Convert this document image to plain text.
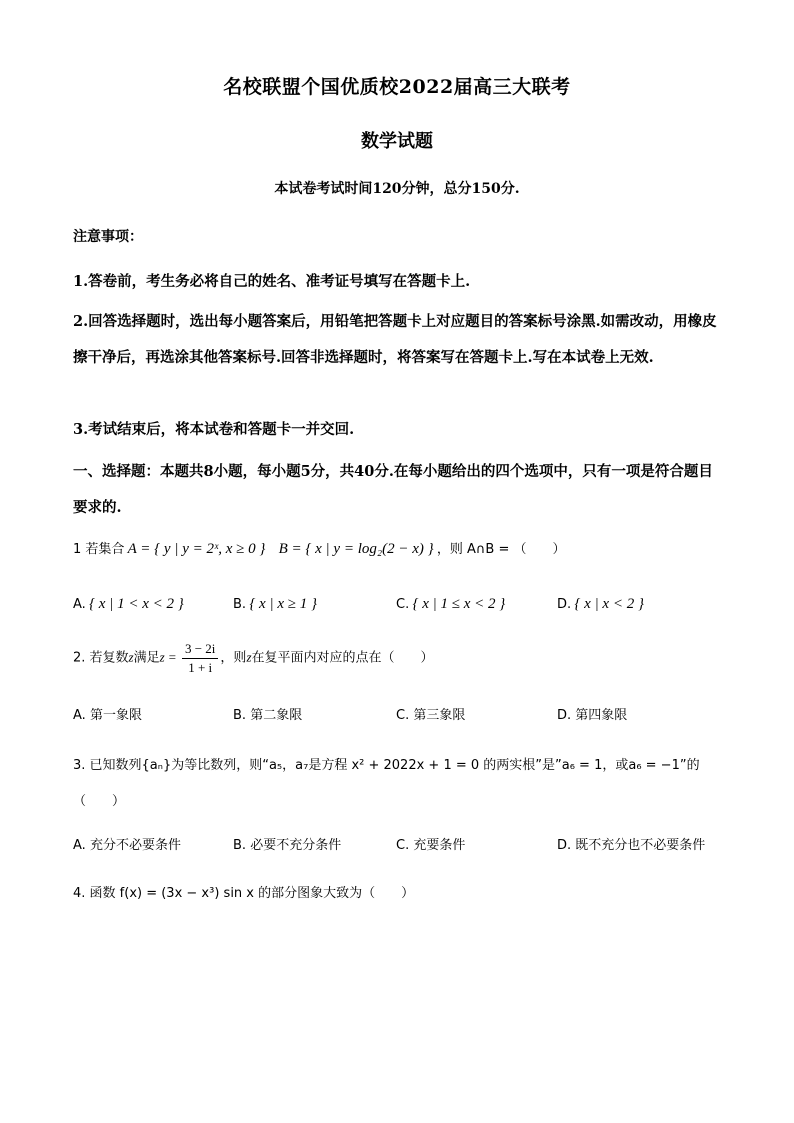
名校联盟个国优质校2022届高三大联考
数学试题
本试卷考试时间120分钟，总分150分.
注意事项：
1.答卷前，考生务必将自己的姓名、准考证号填写在答题卡上.
2.回答选择题时，选出每小题答案后，用铅笔把答题卡上对应题目的答案标号涂黑.如需改动，用橡皮擦干净后，再选涂其他答案标号.回答非选择题时，将答案写在答题卡上.写在本试卷上无效.
3.考试结束后，将本试卷和答题卡一并交回.
一、选择题：本题共8小题，每小题5分，共40分.在每小题给出的四个选项中，只有一项是符合题目要求的.
1 若集合 A = { y | y = 2ˣ, x ≥ 0 } B = { x | y = log₂(2 − x) } ，则 A∩B = （　　）
A. { x | 1 < x < 2 }	B. { x | x ≥ 1 }	C. { x | 1 ≤ x < 2 }	D. { x | x < 2 }
2. 若复数z满足$z = \frac{3 - 2i}{1 + i}$ ，则z在复平面内对应的点在（　　）
A. 第一象限	B. 第二象限	C. 第三象限	D. 第四象限
3. 已知数列{aₙ}为等比数列，则“a₅，a₇是方程 x² + 2022x + 1 = 0 的两实根”是”a₆ = 1，或a₆ = −1”的
（　　）
A. 充分不必要条件	B. 必要不充分条件	C. 充要条件	D. 既不充分也不必要条件
4. 函数 f(x) = (3x − x³) sin x 的部分图象大致为（　　）
